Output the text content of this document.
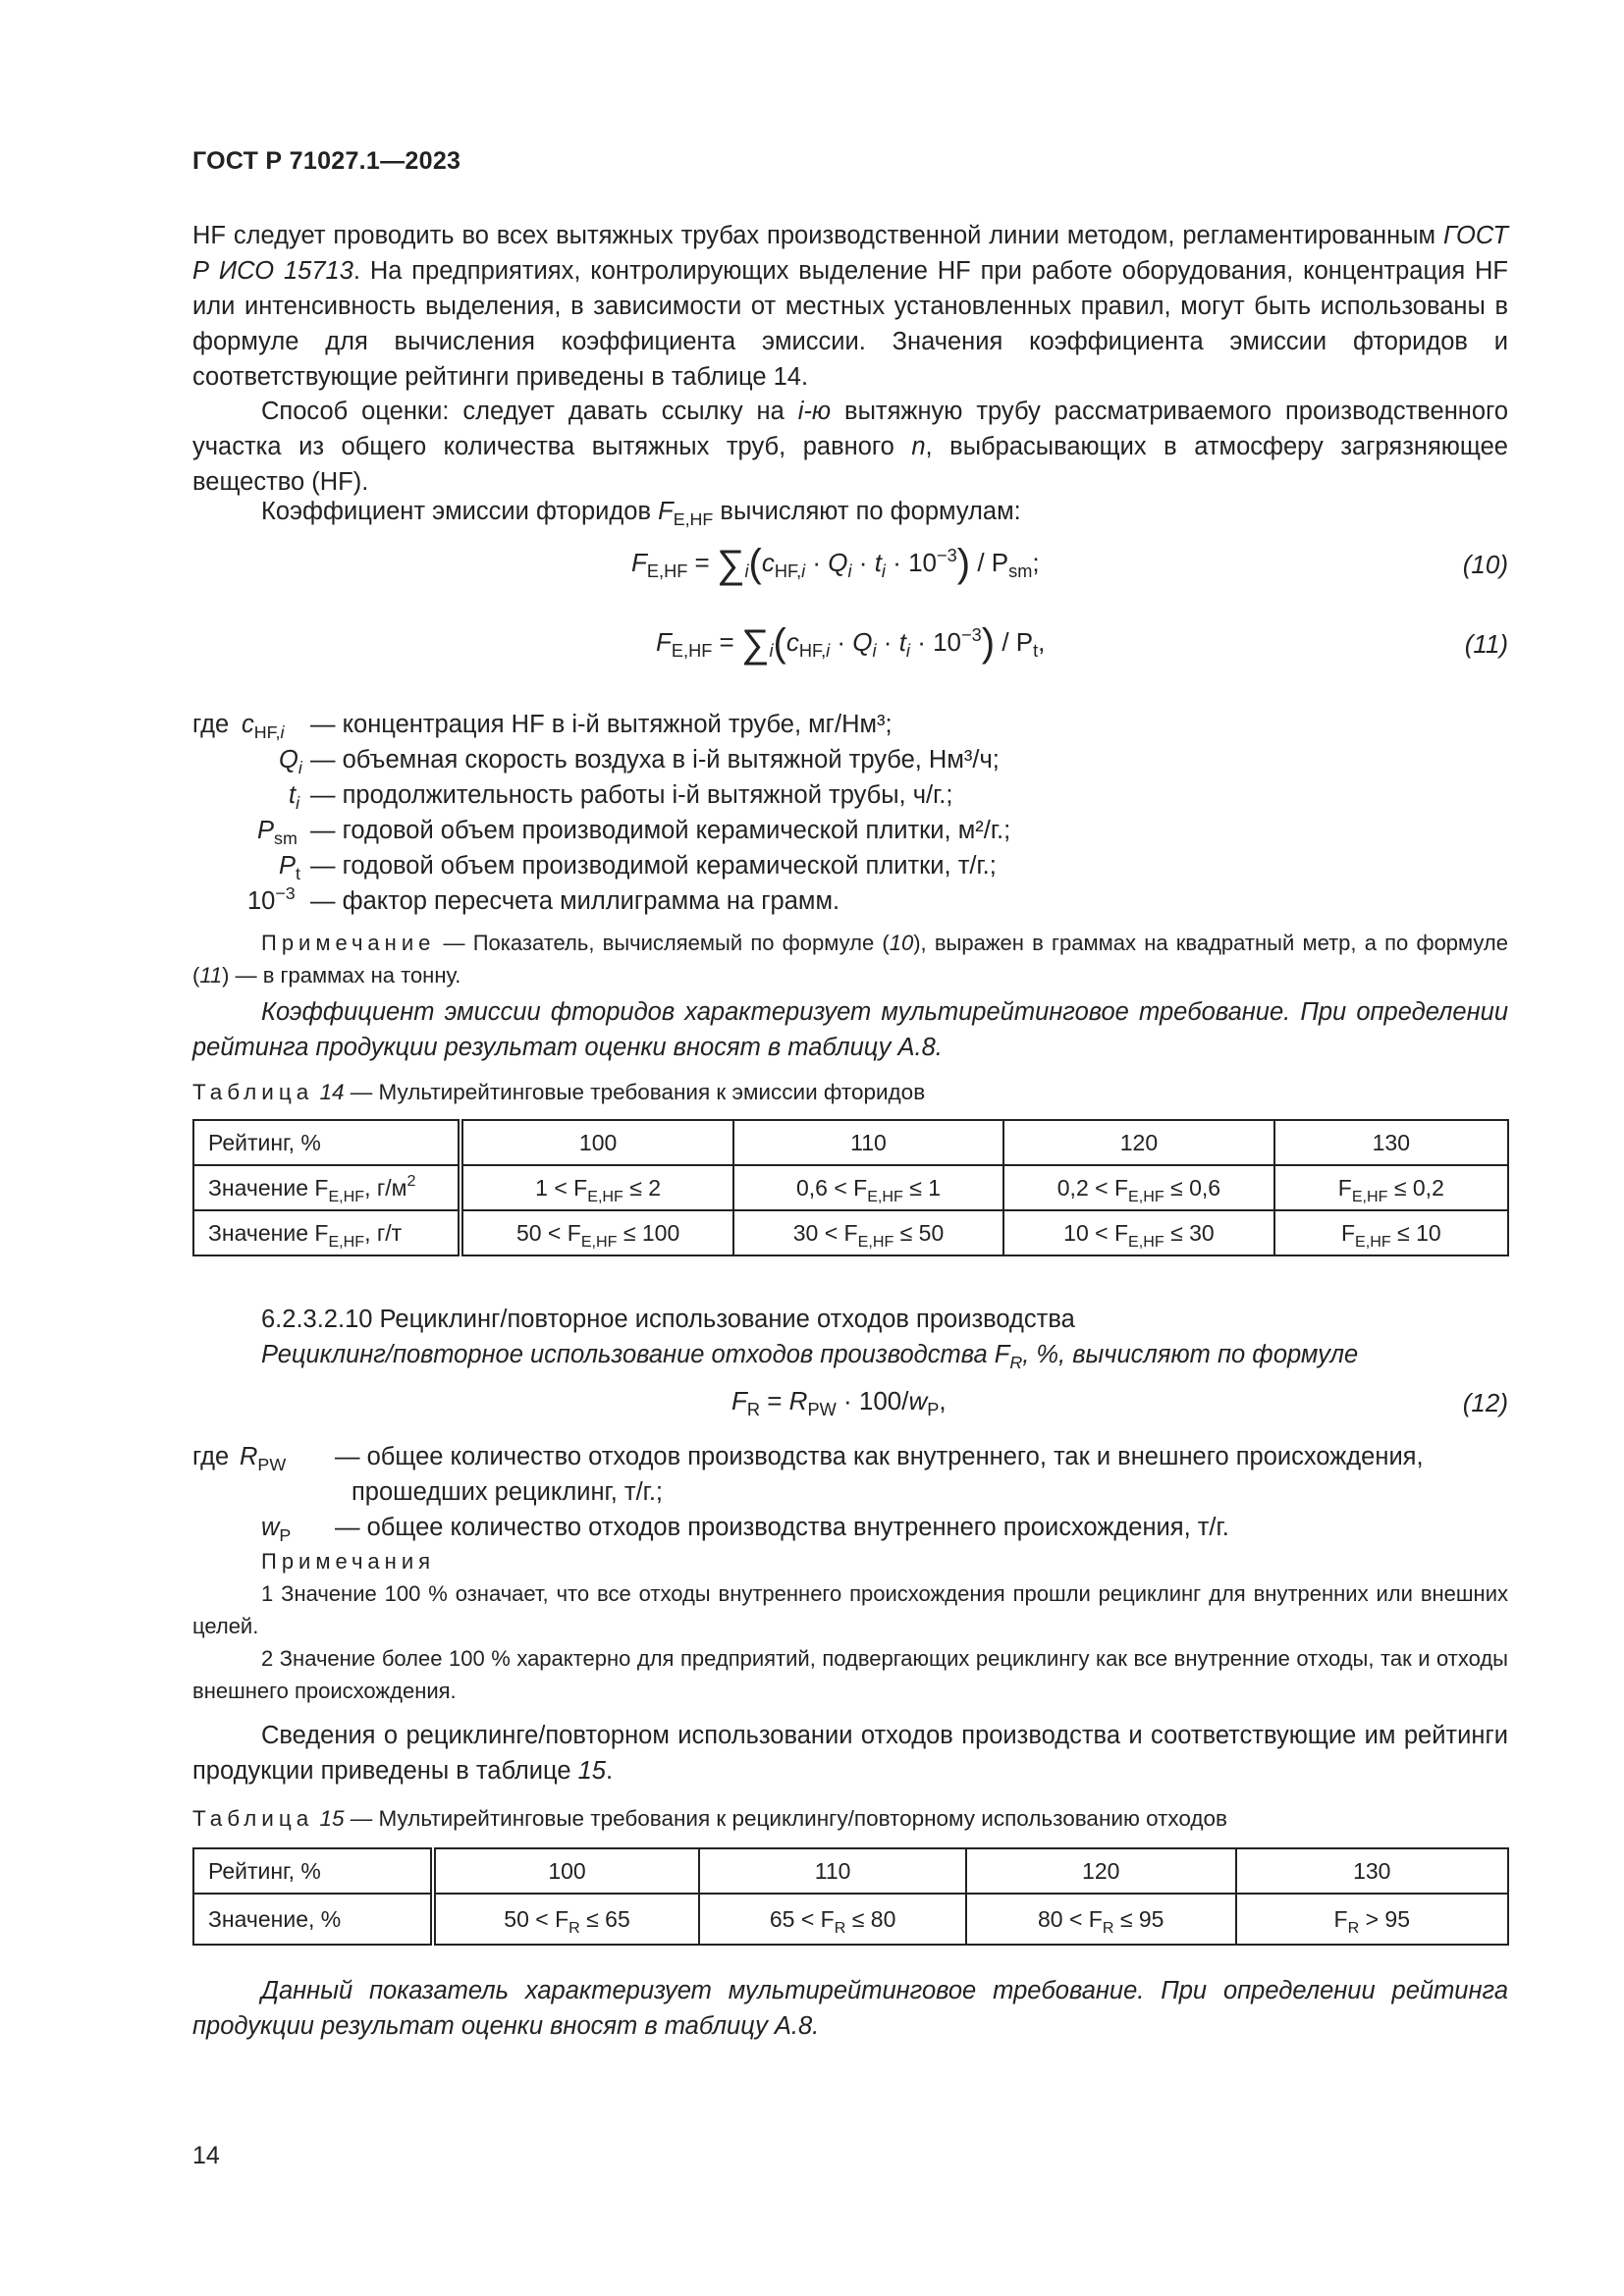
ГОСТ Р 71027.1—2023
HF следует проводить во всех вытяжных трубах производственной линии методом, регламентированным ГОСТ Р ИСО 15713. На предприятиях, контролирующих выделение HF при работе оборудования, концентрация HF или интенсивность выделения, в зависимости от местных установленных правил, могут быть использованы в формуле для вычисления коэффициента эмиссии. Значения коэффициента эмиссии фторидов и соответствующие рейтинги приведены в таблице 14.
Способ оценки: следует давать ссылку на i-ю вытяжную трубу рассматриваемого производственного участка из общего количества вытяжных труб, равного n, выбрасывающих в атмосферу загрязняющее вещество (HF).
Коэффициент эмиссии фторидов $F_{E,HF}$ вычисляют по формулам:
$F_{E,HF} = \sum_i(c_{HF,i} \cdot Q_i \cdot t_i \cdot 10^{-3}) / P_{sm}$;	(10)
$F_{E,HF} = \sum_i(c_{HF,i} \cdot Q_i \cdot t_i \cdot 10^{-3}) / P_t$,	(11)
где $c_{HF,i}$ — концентрация HF в i-й вытяжной трубе, мг/Нм³;
$Q_i$ — объемная скорость воздуха в i-й вытяжной трубе, Нм³/ч;
$t_i$ — продолжительность работы i-й вытяжной трубы, ч/г.;
$P_{sm}$ — годовой объем производимой керамической плитки, м²/г.;
$P_t$ — годовой объем производимой керамической плитки, т/г.;
$10^{-3}$ — фактор пересчета миллиграмма на грамм.
Примечание — Показатель, вычисляемый по формуле (10), выражен в граммах на квадратный метр, а по формуле (11) — в граммах на тонну.
Коэффициент эмиссии фторидов характеризует мультирейтинговое требование. При определении рейтинга продукции результат оценки вносят в таблицу А.8.
Таблица 14 — Мультирейтинговые требования к эмиссии фторидов
Рейтинг, %	100	110	120	130
Значение $F_{E,HF}$, $г/м^2$	$1 < F_{E,HF} \le 2$	$0,6 < F_{E,HF} \le 1$	$0,2 < F_{E,HF} \le 0,6$	$F_{E,HF} \le 0,2$
Значение $F_{E,HF}$, г/т	$50 < F_{E,HF} \le 100$	$30 < F_{E,HF} \le 50$	$10 < F_{E,HF} \le 30$	$F_{E,HF} \le 10$
6.2.3.2.10 Рециклинг/повторное использование отходов производства
Рециклинг/повторное использование отходов производства $F_R$, %, вычисляют по формуле
$F_R = R_{PW} \cdot 100/w_P$,	(12)
где $R_{PW}$ — общее количество отходов производства как внутреннего, так и внешнего происхождения,
прошедших рециклинг, т/г.;
$w_P$ — общее количество отходов производства внутреннего происхождения, т/г.
Примечания
1 Значение 100 % означает, что все отходы внутреннего происхождения прошли рециклинг для внутренних или внешних целей.
2 Значение более 100 % характерно для предприятий, подвергающих рециклингу как все внутренние отходы, так и отходы внешнего происхождения.
Сведения о рециклинге/повторном использовании отходов производства и соответствующие им рейтинги продукции приведены в таблице 15.
Таблица 15 — Мультирейтинговые требования к рециклингу/повторному использованию отходов
Рейтинг, %	100	110	120	130
Значение, %	$50 < F_R \le 65$	$65 < F_R \le 80$	$80 < F_R \le 95$	$F_R > 95$
Данный показатель характеризует мультирейтинговое требование. При определении рейтинга продукции результат оценки вносят в таблицу А.8.
14
